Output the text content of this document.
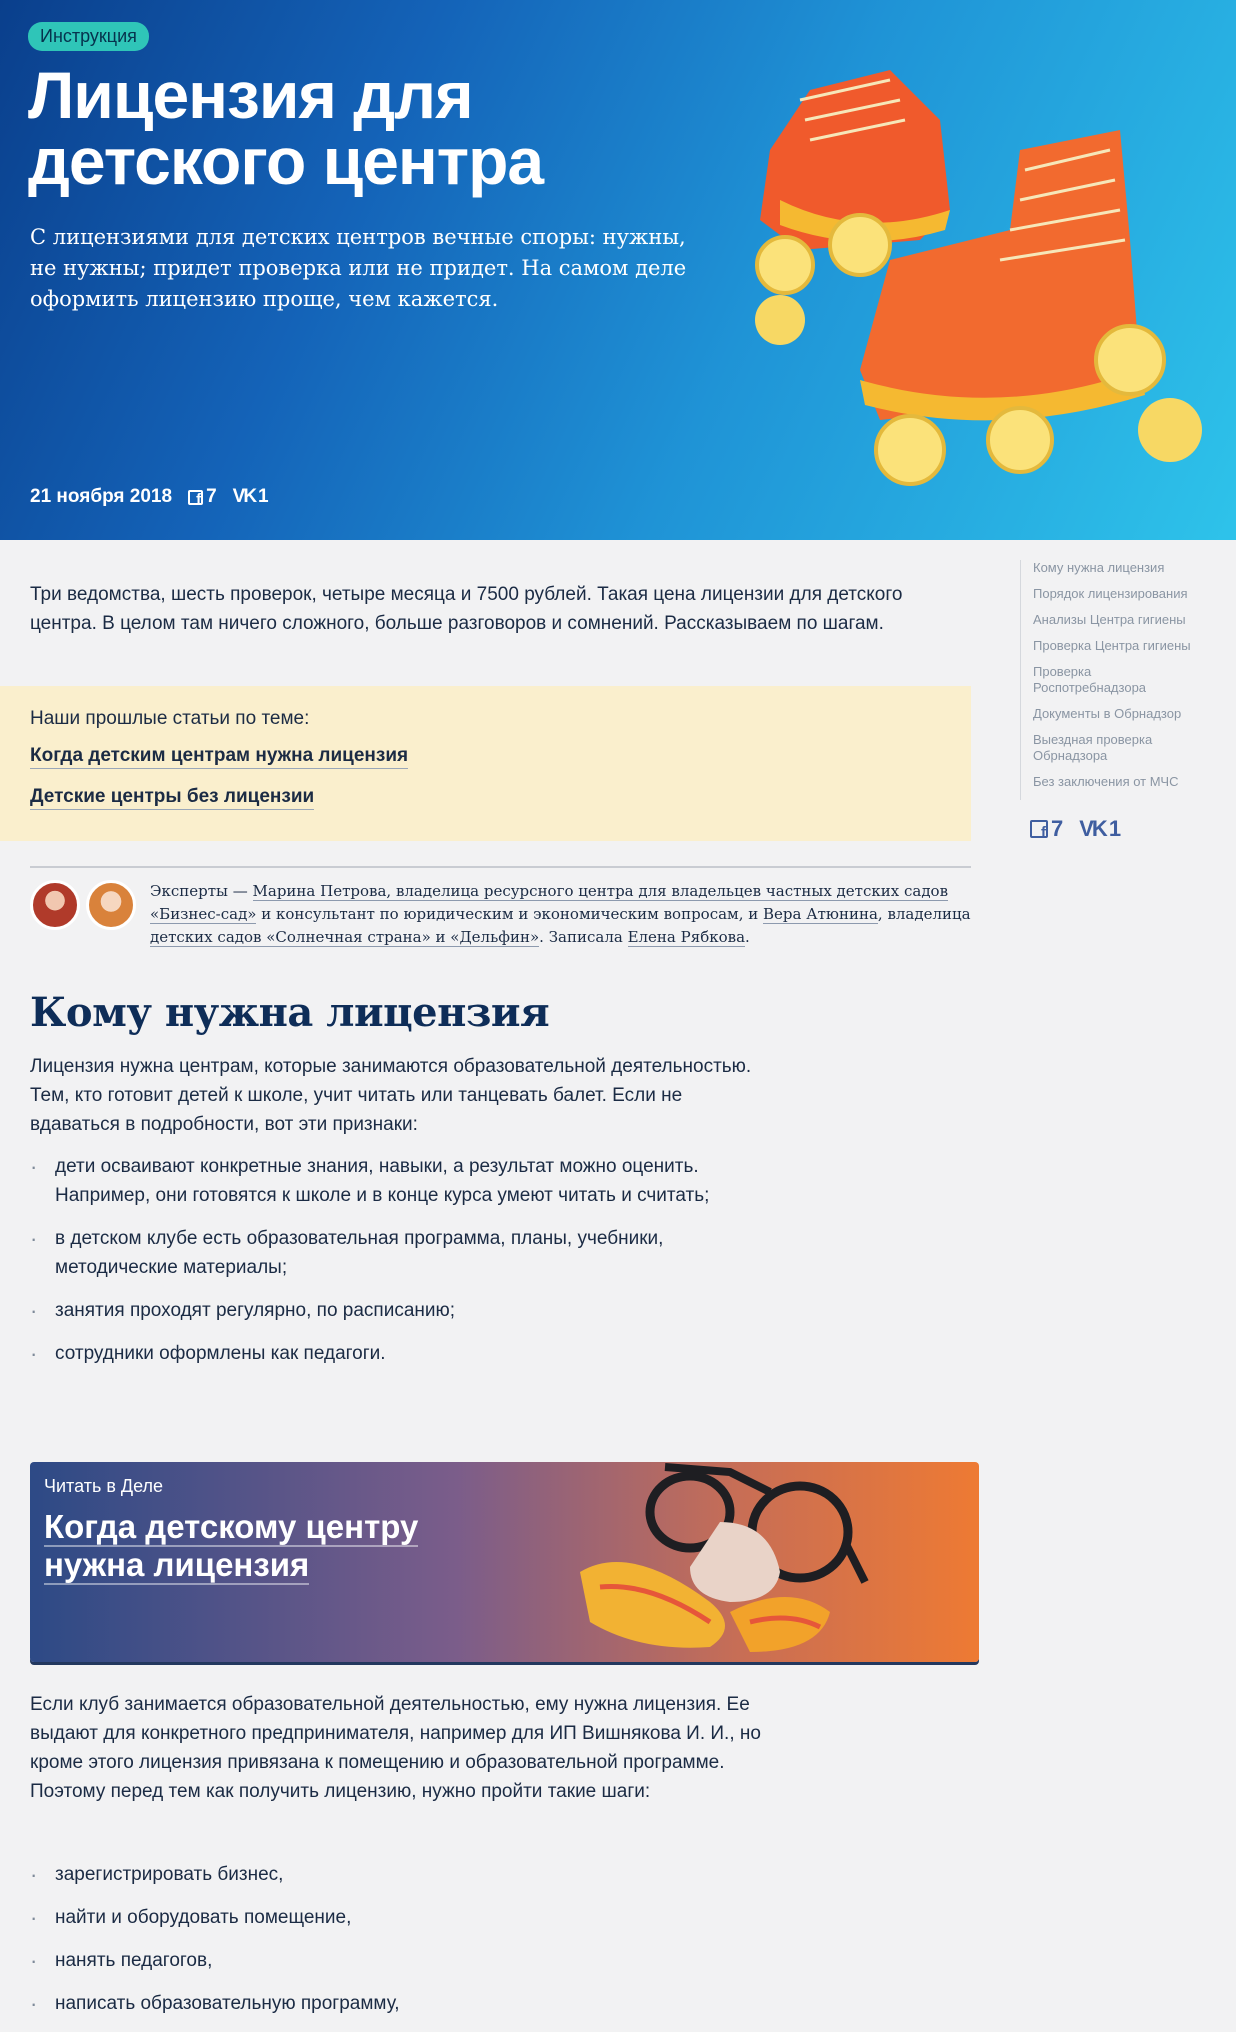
Инструкция
Лицензия для
детского центра

С лицензиями для детских центров вечные споры: нужны, не нужны; придет проверка или не придет. На самом деле оформить лицензию проще, чем кажется.

21 ноября 2018
f 7 VK 1

Три ведомства, шесть проверок, четыре месяца и 7500 рублей. Такая цена лицензии для детского центра. В целом там ничего сложного, больше разговоров и сомнений. Рассказываем по шагам.

Наши прошлые статьи по теме:

Когда детским центрам нужна лицензия
Детские центры без лицензии

Эксперты — Марина Петрова, владелица ресурсного центра для владельцев частных детских садов «Бизнес-сад» и консультант по юридическим и экономическим вопросам, и Вера Атюнина, владелица детских садов «Солнечная страна» и «Дельфин». Записала Елена Рябкова.

Кому нужна лицензия

Лицензия нужна центрам, которые занимаются образовательной деятельностью. Тем, кто готовит детей к школе, учит читать или танцевать балет. Если не вдаваться в подробности, вот эти признаки:

· дети осваивают конкретные знания, навыки, а результат можно оценить. Например, они готовятся к школе и в конце курса умеют читать и считать;
· в детском клубе есть образовательная программа, планы, учебники, методические материалы;
· занятия проходят регулярно, по расписанию;
· сотрудники оформлены как педагоги.
Читать в Деле
Когда детскому центру
нужна лицензия

Если клуб занимается образовательной деятельностью, ему нужна лицензия. Ее выдают для конкретного предпринимателя, например для ИП Вишнякова И. И., но кроме этого лицензия привязана к помещению и образовательной программе. Поэтому перед тем как получить лицензию, нужно пройти такие шаги:

· зарегистрировать бизнес,
· найти и оборудовать помещение,
· нанять педагогов,
· написать образовательную программу,
Кому нужна лицензия
Порядок лицензирования
Анализы Центра гигиены
Проверка Центра гигиены
Проверка Роспотребнадзора
Документы в Обрнадзор
Выездная проверка Обрнадзора
Без заключения от МЧС
f
7 VK 1
